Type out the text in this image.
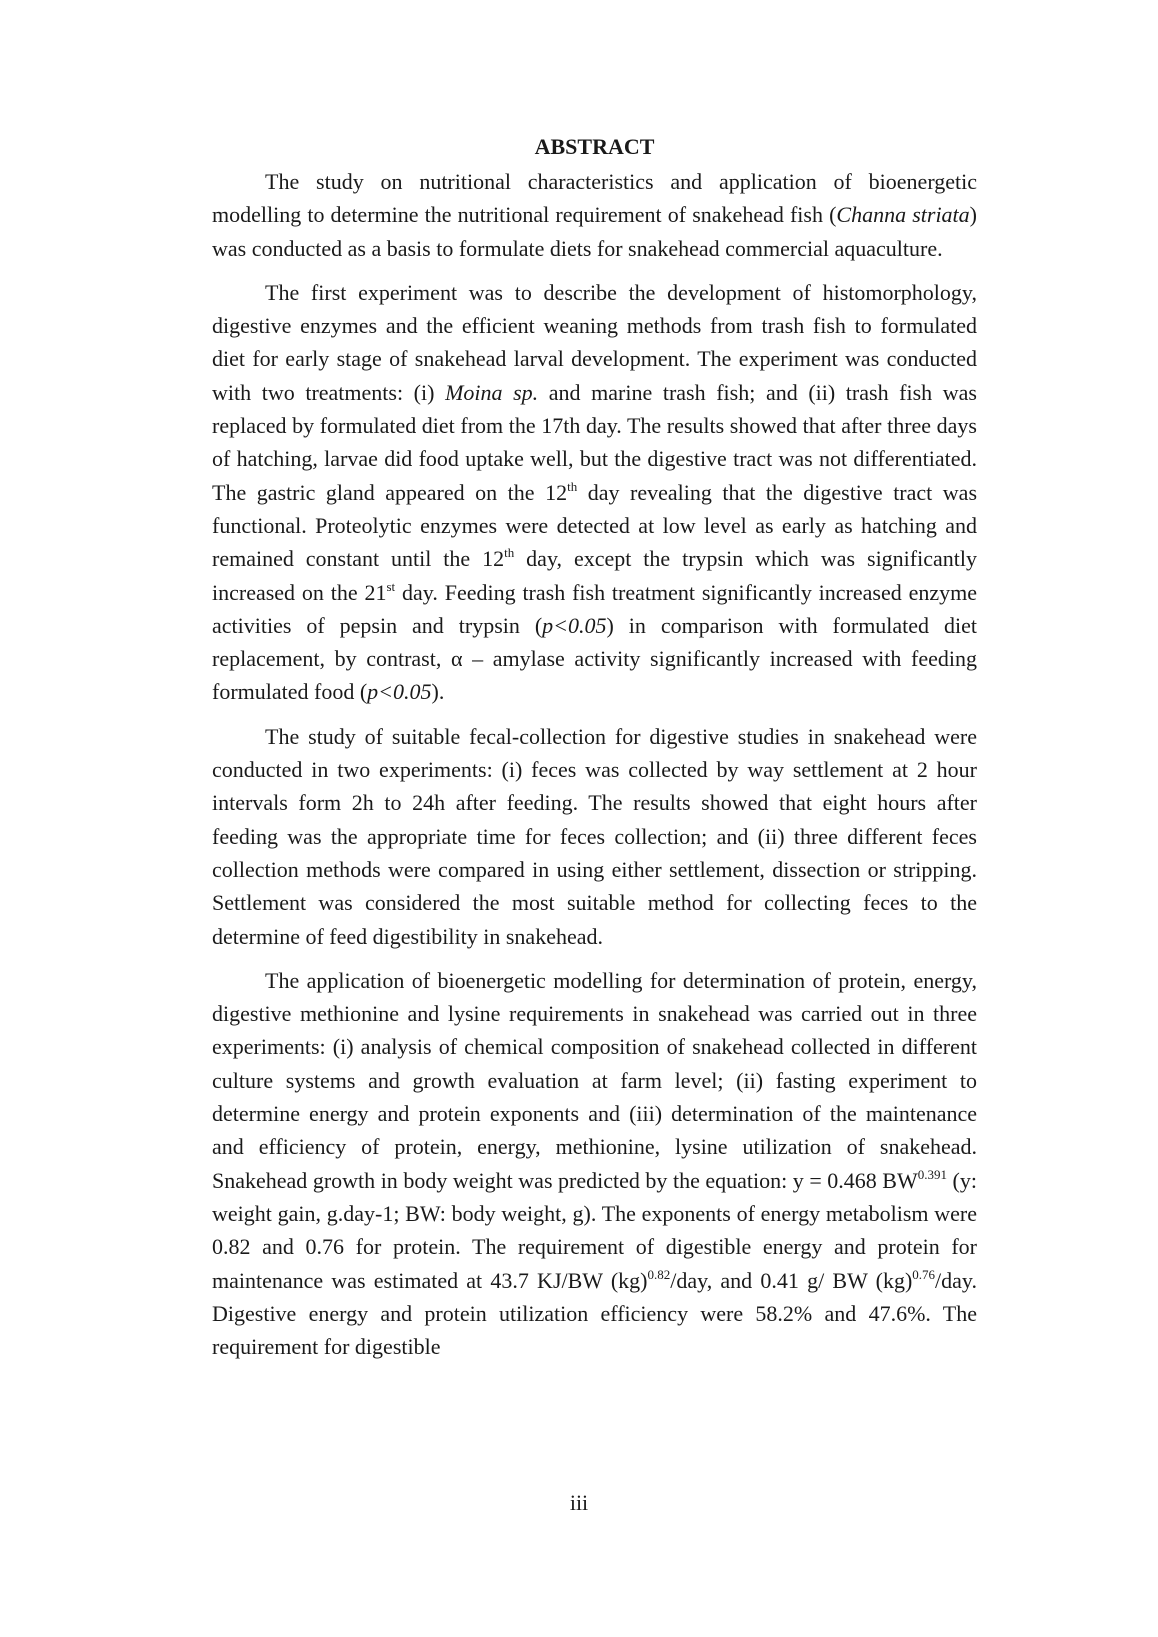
ABSTRACT

The study on nutritional characteristics and application of bioenergetic modelling to determine the nutritional requirement of snakehead fish (Channa striata) was conducted as a basis to formulate diets for snakehead commercial aquaculture.

The first experiment was to describe the development of histomorphology, digestive enzymes and the efficient weaning methods from trash fish to formulated diet for early stage of snakehead larval development. The experiment was conducted with two treatments: (i) Moina sp. and marine trash fish; and (ii) trash fish was replaced by formulated diet from the 17th day. The results showed that after three days of hatching, larvae did food uptake well, but the digestive tract was not differentiated. The gastric gland appeared on the 12th day revealing that the digestive tract was functional. Proteolytic enzymes were detected at low level as early as hatching and remained constant until the 12th day, except the trypsin which was significantly increased on the 21st day. Feeding trash fish treatment significantly increased enzyme activities of pepsin and trypsin (p<0.05) in comparison with formulated diet replacement, by contrast, α – amylase activity significantly increased with feeding formulated food (p<0.05).

The study of suitable fecal-collection for digestive studies in snakehead were conducted in two experiments: (i) feces was collected by way settlement at 2 hour intervals form 2h to 24h after feeding. The results showed that eight hours after feeding was the appropriate time for feces collection; and (ii) three different feces collection methods were compared in using either settlement, dissection or stripping. Settlement was considered the most suitable method for collecting feces to the determine of feed digestibility in snakehead.

The application of bioenergetic modelling for determination of protein, energy, digestive methionine and lysine requirements in snakehead was carried out in three experiments: (i) analysis of chemical composition of snakehead collected in different culture systems and growth evaluation at farm level; (ii) fasting experiment to determine energy and protein exponents and (iii) determination of the maintenance and efficiency of protein, energy, methionine, lysine utilization of snakehead. Snakehead growth in body weight was predicted by the equation: y = 0.468 $BW^{0.391}$ (y: weight gain, g.day-1; BW: body weight, g). The exponents of energy metabolism were 0.82 and 0.76 for protein. The requirement of digestible energy and protein for maintenance was estimated at 43.7 KJ/BW (kg)$^{0.82}$/day, and 0.41 g/ BW (kg)$^{0.76}$/day. Digestive energy and protein utilization efficiency were 58.2% and 47.6%. The requirement for digestible

iii
